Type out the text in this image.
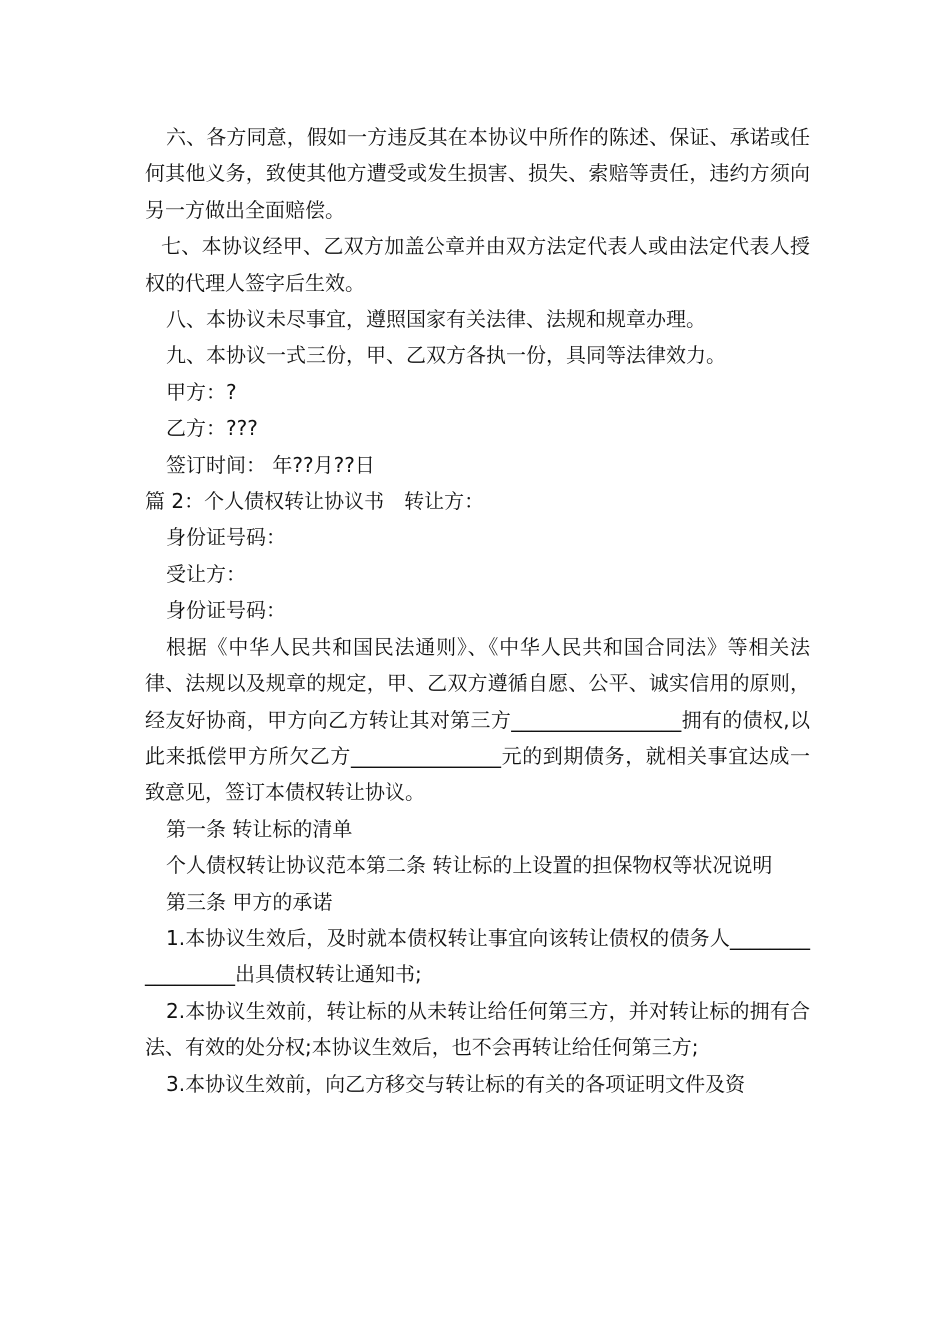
六、各方同意，假如一方违反其在本协议中所作的陈述、保证、承诺或任何其他义务，致使其他方遭受或发生损害、损失、索赔等责任，违约方须向另一方做出全面赔偿。

七、本协议经甲、乙双方加盖公章并由双方法定代表人或由法定代表人授权的代理人签字后生效。

八、本协议未尽事宜，遵照国家有关法律、法规和规章办理。

九、本协议一式三份，甲、乙双方各执一份，具同等法律效力。

甲方：?

乙方：???

签订时间： 年??月??日

篇 2：个人债权转让协议书　转让方：

身份证号码：

受让方：

身份证号码：

根据《中华人民共和国民法通则》、《中华人民共和国合同法》等相关法律、法规以及规章的规定，甲、乙双方遵循自愿、公平、诚实信用的原则，经友好协商，甲方向乙方转让其对第三方_________________拥有的债权,以此来抵偿甲方所欠乙方_______________元的到期债务，就相关事宜达成一致意见，签订本债权转让协议。

第一条 转让标的清单

个人债权转让协议范本第二条 转让标的上设置的担保物权等状况说明

第三条 甲方的承诺

1.本协议生效后，及时就本债权转让事宜向该转让债权的债务人_________________出具债权转让通知书;

2.本协议生效前，转让标的从未转让给任何第三方，并对转让标的拥有合法、有效的处分权;本协议生效后，也不会再转让给任何第三方;

3.本协议生效前，向乙方移交与转让标的有关的各项证明文件及资
